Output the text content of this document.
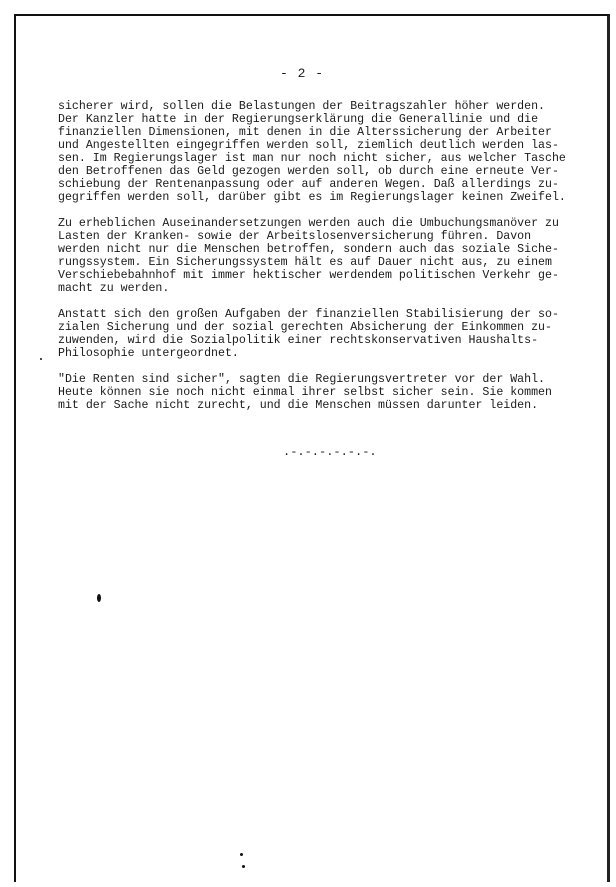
- 2 -
sicherer wird, sollen die Belastungen der Beitragszahler höher werden.
Der Kanzler hatte in der Regierungserklärung die Generallinie und die
finanziellen Dimensionen, mit denen in die Alterssicherung der Arbeiter
und Angestellten eingegriffen werden soll, ziemlich deutlich werden las-
sen. Im Regierungslager ist man nur noch nicht sicher, aus welcher Tasche
den Betroffenen das Geld gezogen werden soll, ob durch eine erneute Ver-
schiebung der Rentenanpassung oder auf anderen Wegen. Daß allerdings zu-
gegriffen werden soll, darüber gibt es im Regierungslager keinen Zweifel.
Zu erheblichen Auseinandersetzungen werden auch die Umbuchungsmanöver zu
Lasten der Kranken- sowie der Arbeitslosenversicherung führen. Davon
werden nicht nur die Menschen betroffen, sondern auch das soziale Siche-
rungssystem. Ein Sicherungssystem hält es auf Dauer nicht aus, zu einem
Verschiebebahnhof mit immer hektischer werdendem politischen Verkehr ge-
macht zu werden.
Anstatt sich den großen Aufgaben der finanziellen Stabilisierung der so-
zialen Sicherung und der sozial gerechten Absicherung der Einkommen zu-
zuwenden, wird die Sozialpolitik einer rechtskonservativen Haushalts-
Philosophie untergeordnet.
"Die Renten sind sicher", sagten die Regierungsvertreter vor der Wahl.
Heute können sie noch nicht einmal ihrer selbst sicher sein. Sie kommen
mit der Sache nicht zurecht, und die Menschen müssen darunter leiden.
.-.-.-.-.-.-.
